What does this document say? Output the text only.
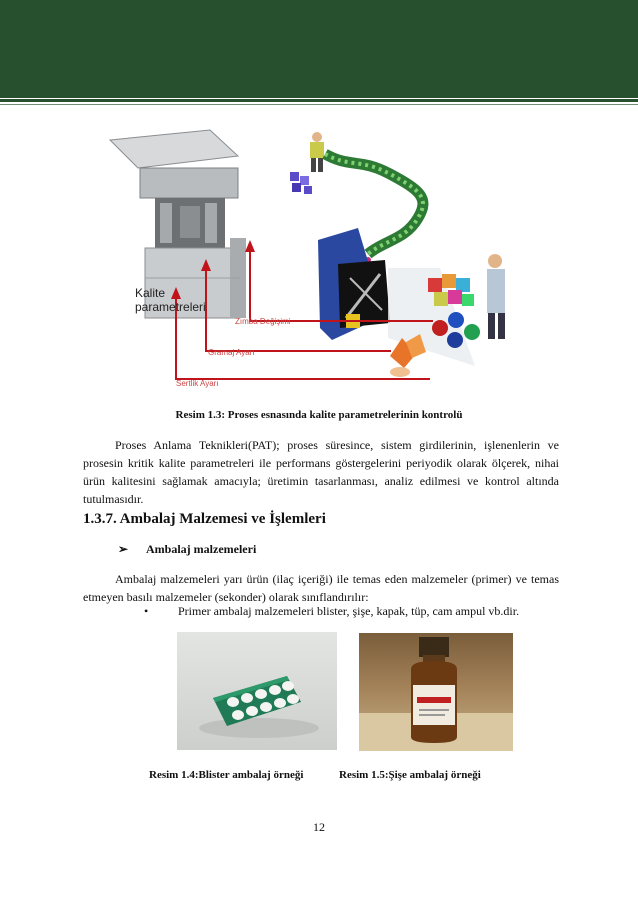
Kalite
parametreleri
Zımba Değişimi
Gramaj Ayarı
Sertlik Ayarı
Resim 1.3: Proses esnasında kalite parametrelerinin kontrolü

Proses Anlama Teknikleri(PAT); proses süresince, sistem girdilerinin, işlenenlerin ve prosesin kritik kalite parametreleri ile performans göstergelerini periyodik olarak ölçerek, nihai ürün kalitesini sağlamak amacıyla; üretimin tasarlanması, analiz edilmesi ve kontrol altında tutulmasıdır.

1.3.7. Ambalaj Malzemesi ve İşlemleri
➢ Ambalaj malzemeleri

Ambalaj malzemeleri yarı ürün (ilaç içeriği) ile temas eden malzemeler (primer) ve temas etmeyen basılı malzemeler (sekonder) olarak sınıflandırılır:

• Primer ambalaj malzemeleri blister, şişe, kapak, tüp, cam ampul vb.dir.
Resim 1.4:Blister ambalaj örneği	Resim 1.5:Şişe ambalaj örneği
12
